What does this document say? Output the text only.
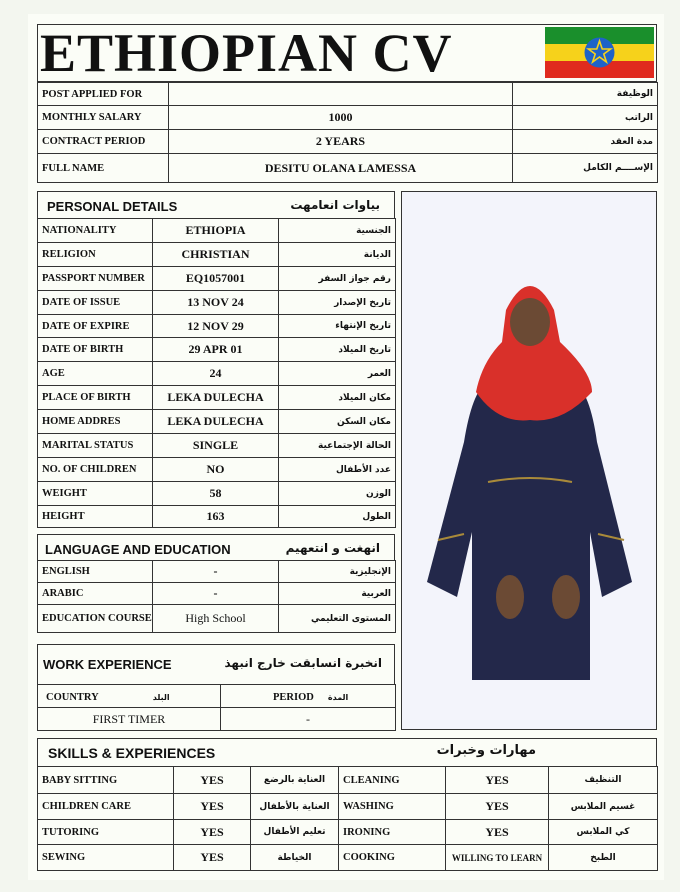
ETHIOPIAN CV
POST APPLIED FOR		الوظيفة
MONTHLY SALARY	1000	الراتب
CONTRACT PERIOD	2 YEARS	مدة العقد
FULL NAME	DESITU OLANA LAMESSA	الإســــم الكامل
PERSONAL DETAILS	بياوات انعامهت
NATIONALITY	ETHIOPIA	الجنسية
RELIGION	CHRISTIAN	الديانة
PASSPORT NUMBER	EQ1057001	رقم جواز السفر
DATE OF ISSUE	13 NOV 24	تاريخ الإصدار
DATE OF EXPIRE	12 NOV 29	تاريخ الإنتهاء
DATE OF BIRTH	29 APR 01	تاريخ الميلاد
AGE	24	العمر
PLACE OF BIRTH	LEKA DULECHA	مكان الميلاد
HOME ADDRES	LEKA DULECHA	مكان السكن
MARITAL STATUS	SINGLE	الحالة الإجتماعية
NO. OF CHILDREN	NO	عدد الأطفال
WEIGHT	58	الوزن
HEIGHT	163	الطول
LANGUAGE AND EDUCATION	انهغت و انتعهيم
ENGLISH	-	الإنجليزية
ARABIC	-	العربية
EDUCATION COURSE	High School	المستوى التعليمي
WORK EXPERIENCE	انخبرة انسابقت خارج انبهذ
COUNTRY البلد	PERIOD المدة
FIRST TIMER	-
SKILLS & EXPERIENCES	مهارات وخبرات
BABY SITTING	YES	العناية بالرضع	CLEANING	YES	التنظيف
CHILDREN CARE	YES	العناية بالأطفال	WASHING	YES	غسيم الملابس
TUTORING	YES	تعليم الأطفال	IRONING	YES	كي الملابس
SEWING	YES	الخياطة	COOKING	WILLING TO LEARN	الطبخ
